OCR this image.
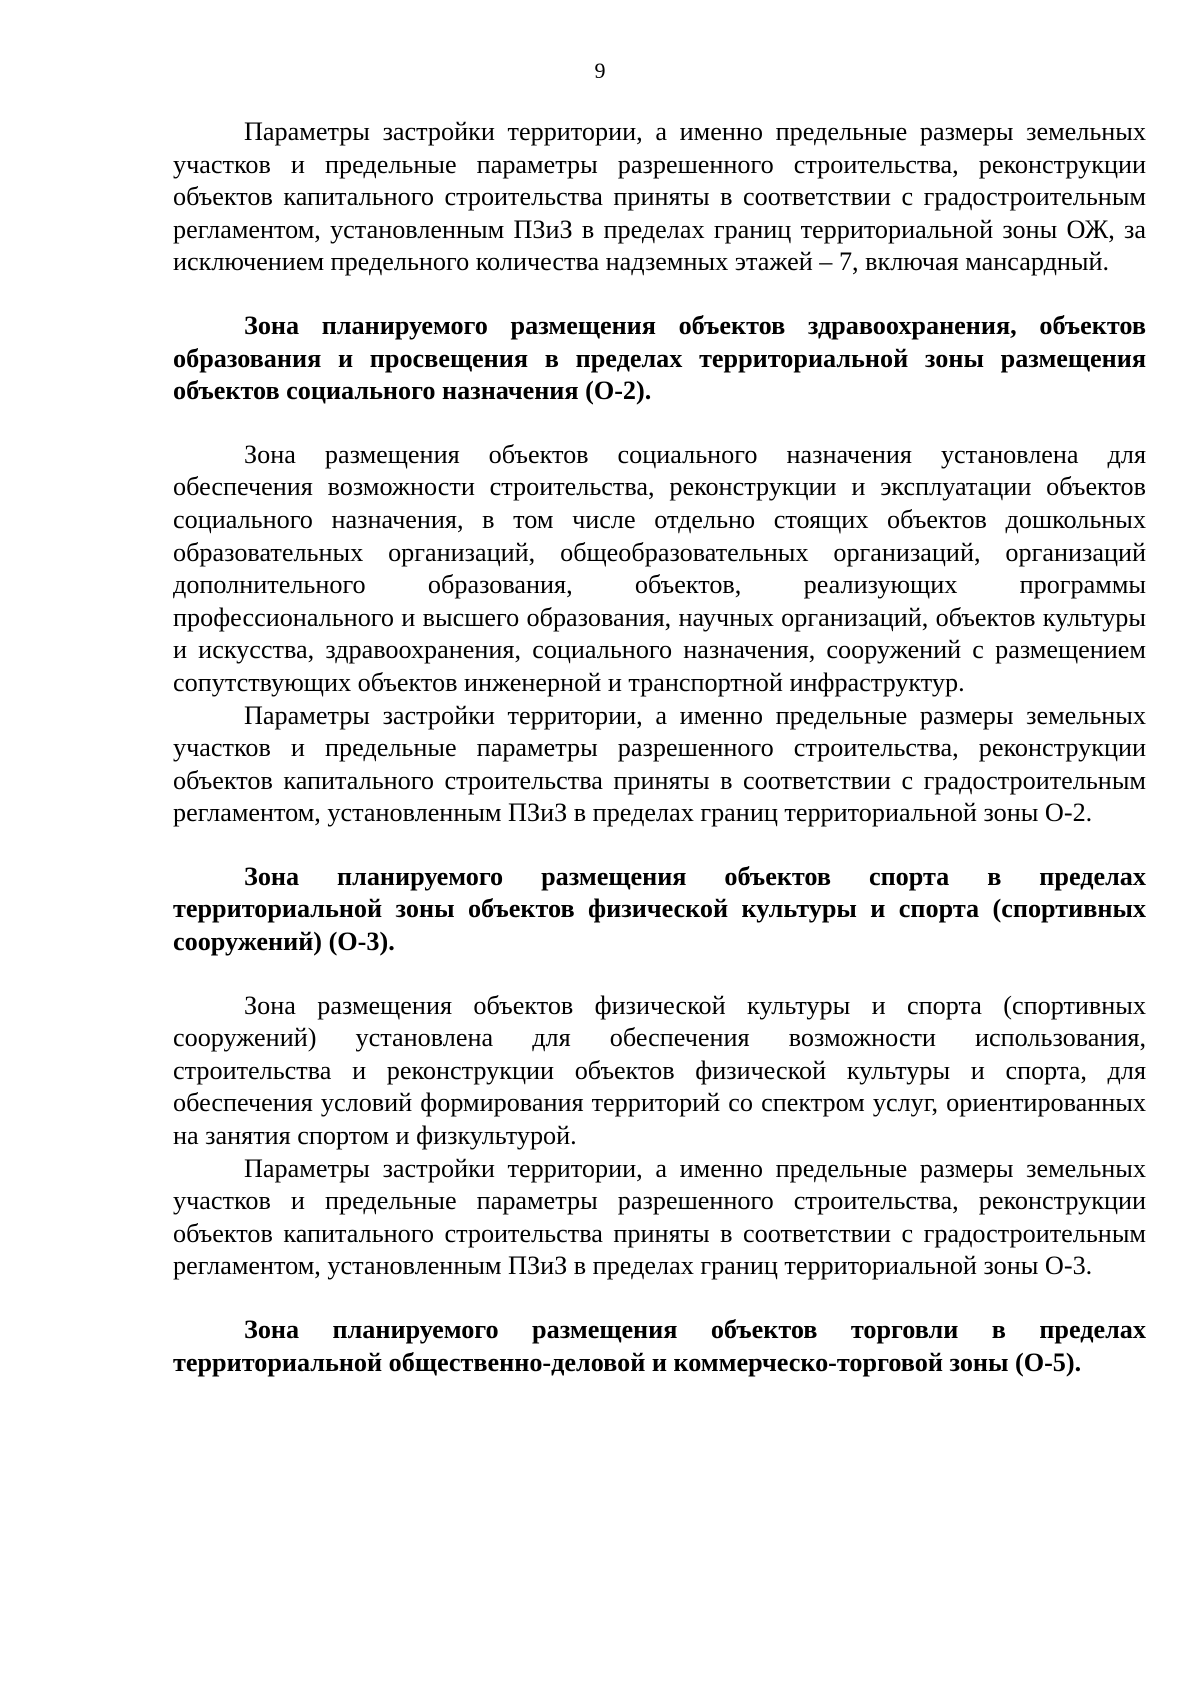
9

Параметры застройки территории, а именно предельные размеры земельных участков и предельные параметры разрешенного строительства, реконструкции объектов капитального строительства приняты в соответствии с градостроительным регламентом, установленным ПЗиЗ в пределах границ территориальной зоны ОЖ, за исключением предельного количества надземных этажей – 7, включая мансардный.

Зона планируемого размещения объектов здравоохранения, объектов образования и просвещения в пределах территориальной зоны размещения объектов социального назначения (О-2).

Зона размещения объектов социального назначения установлена для обеспечения возможности строительства, реконструкции и эксплуатации объектов социального назначения, в том числе отдельно стоящих объектов дошкольных образовательных организаций, общеобразовательных организаций, организаций дополнительного образования, объектов, реализующих программы профессионального и высшего образования, научных организаций, объектов культуры и искусства, здравоохранения, социального назначения, сооружений с размещением сопутствующих объектов инженерной и транспортной инфраструктур.

Параметры застройки территории, а именно предельные размеры земельных участков и предельные параметры разрешенного строительства, реконструкции объектов капитального строительства приняты в соответствии с градостроительным регламентом, установленным ПЗиЗ в пределах границ территориальной зоны О-2.

Зона планируемого размещения объектов спорта в пределах территориальной зоны объектов физической культуры и спорта (спортивных сооружений) (О-3).

Зона размещения объектов физической культуры и спорта (спортивных сооружений) установлена для обеспечения возможности использования, строительства и реконструкции объектов физической культуры и спорта, для обеспечения условий формирования территорий со спектром услуг, ориентированных на занятия спортом и физкультурой.

Параметры застройки территории, а именно предельные размеры земельных участков и предельные параметры разрешенного строительства, реконструкции объектов капитального строительства приняты в соответствии с градостроительным регламентом, установленным ПЗиЗ в пределах границ территориальной зоны О-3.

Зона планируемого размещения объектов торговли в пределах территориальной общественно-деловой и коммерческо-торговой зоны (О-5).
